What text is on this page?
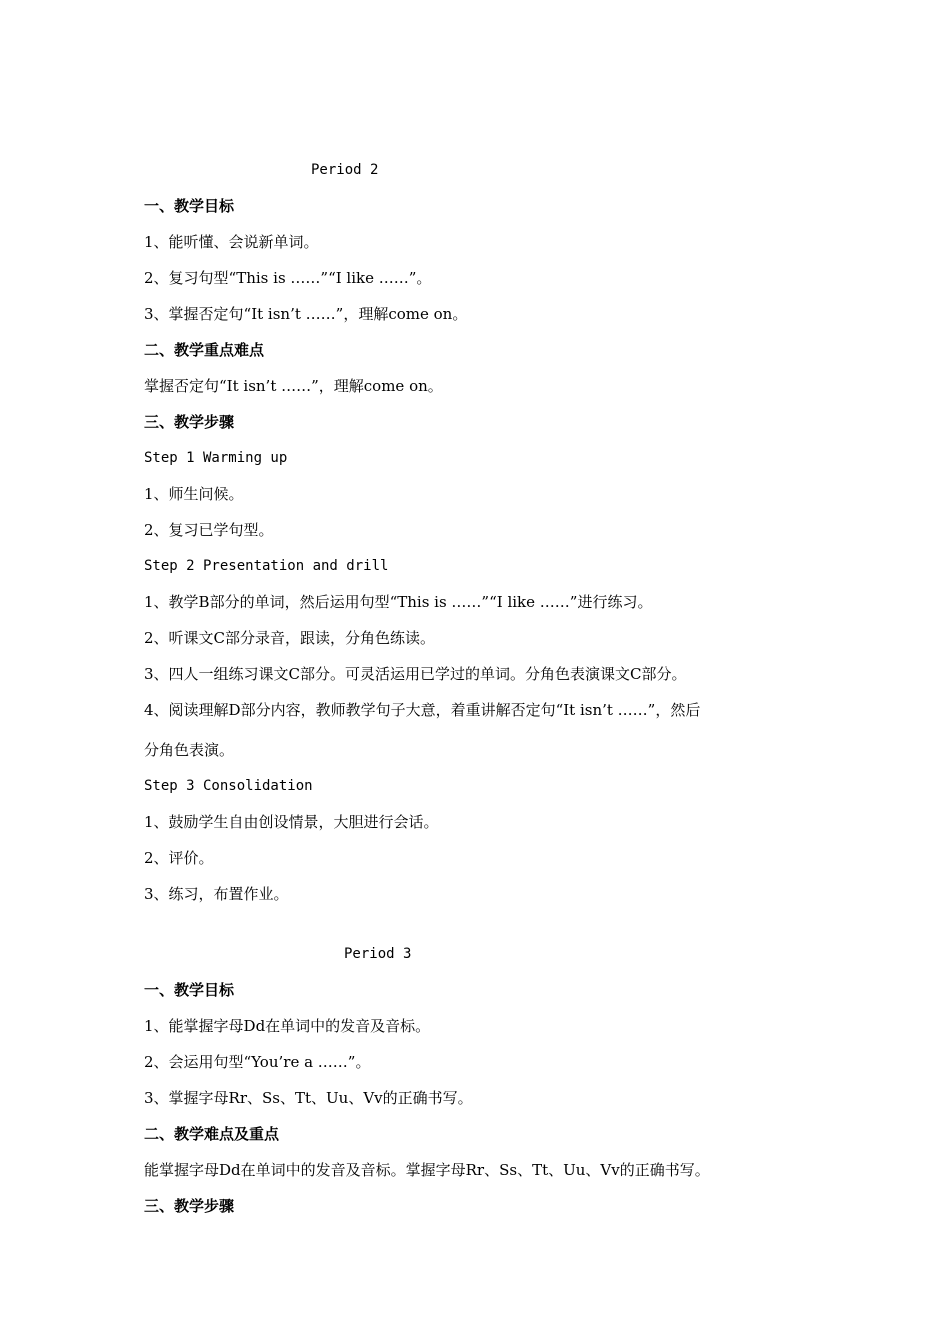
Period 2
一、教学目标
1、能听懂、会说新单词。
2、复习句型“This is ……”“I like ……”。
3、掌握否定句“It isn’t ……”，理解come on。
二、教学重点难点
掌握否定句“It isn’t ……”，理解come on。
三、教学步骤
Step 1 Warming up
1、师生问候。
2、复习已学句型。
Step 2 Presentation and drill
1、教学B部分的单词，然后运用句型“This is ……”“I like ……”进行练习。
2、听课文C部分录音，跟读，分角色练读。
3、四人一组练习课文C部分。可灵活运用已学过的单词。分角色表演课文C部分。
4、阅读理解D部分内容，教师教学句子大意，着重讲解否定句“It isn’t ……”，然后
分角色表演。
Step 3 Consolidation
1、鼓励学生自由创设情景，大胆进行会话。
2、评价。
3、练习，布置作业。
Period 3
一、教学目标
1、能掌握字母Dd在单词中的发音及音标。
2、会运用句型“You’re a ……”。
3、掌握字母Rr、Ss、Tt、Uu、Vv的正确书写。
二、教学难点及重点
能掌握字母Dd在单词中的发音及音标。掌握字母Rr、Ss、Tt、Uu、Vv的正确书写。
三、教学步骤
